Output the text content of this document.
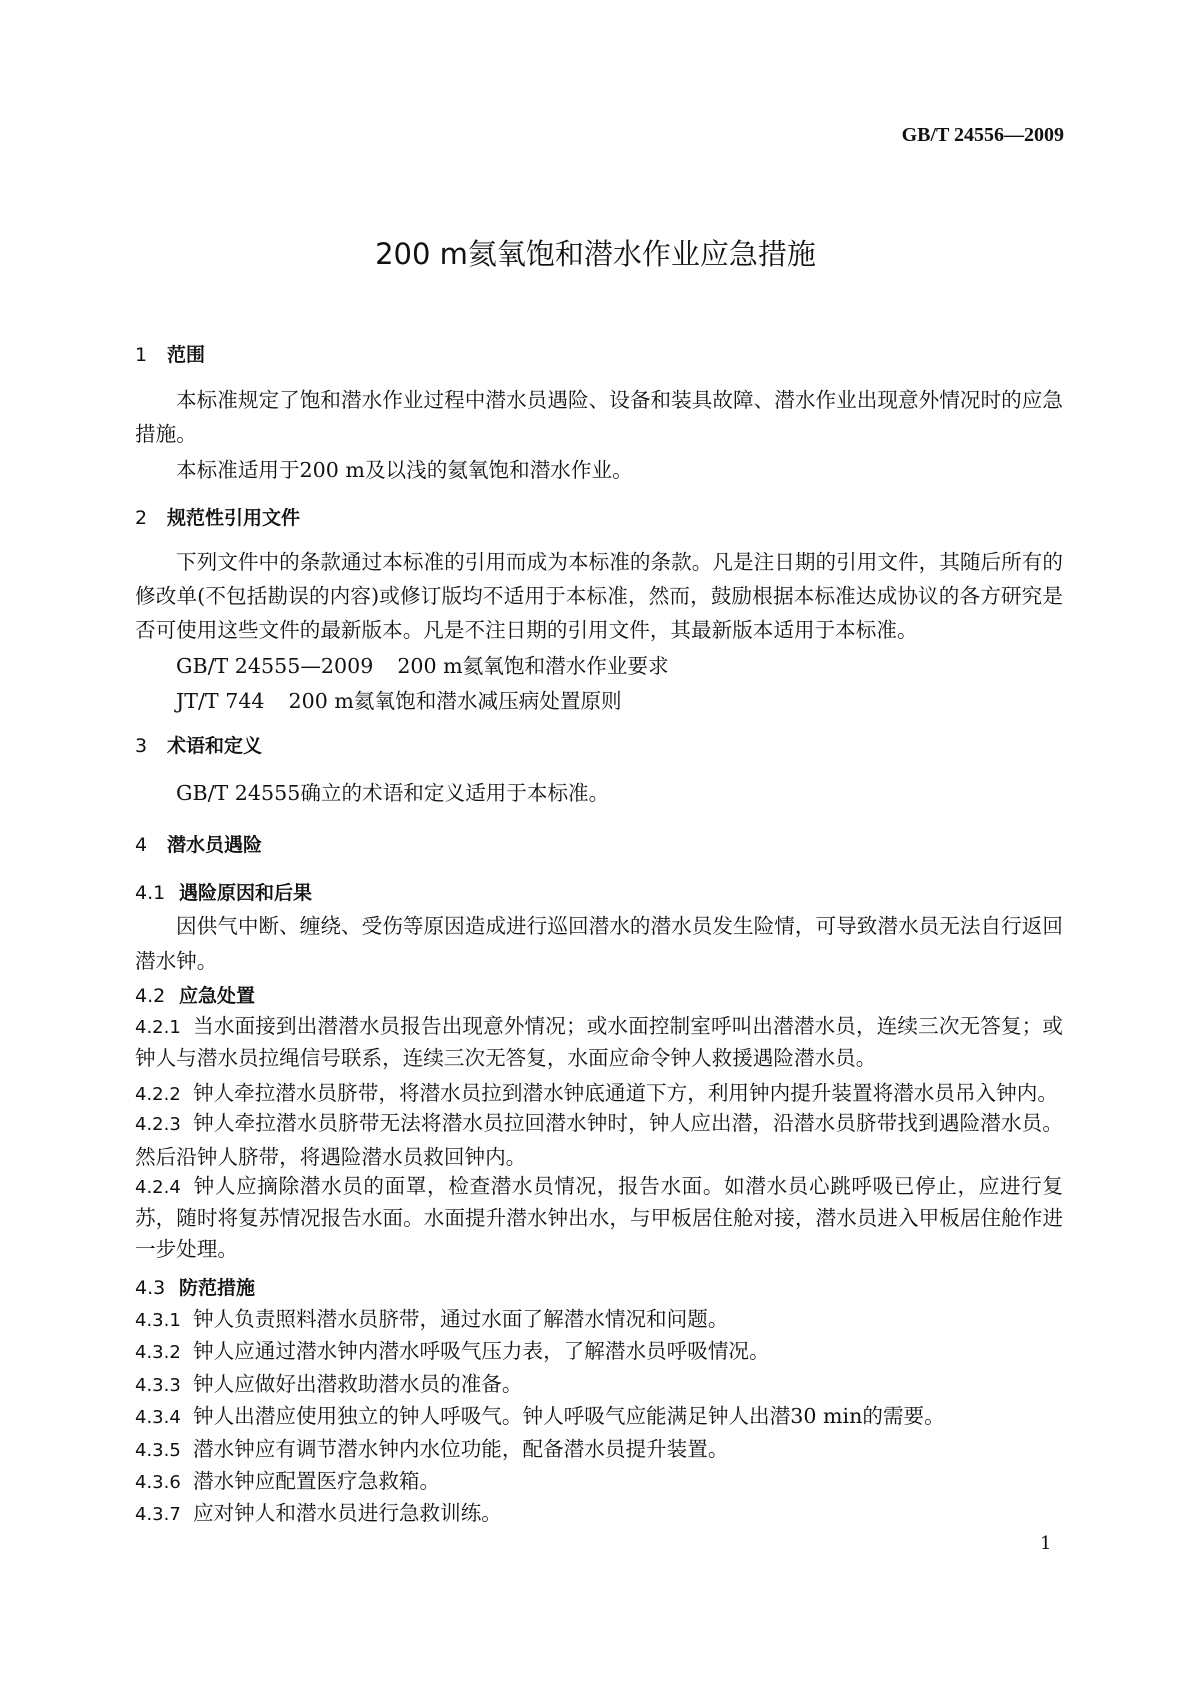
GB/T 24556—2009
200 m氦氧饱和潜水作业应急措施
1 范围
本标准规定了饱和潜水作业过程中潜水员遇险、设备和装具故障、潜水作业出现意外情况时的应急措施。
本标准适用于200 m及以浅的氦氧饱和潜水作业。
2 规范性引用文件
下列文件中的条款通过本标准的引用而成为本标准的条款。凡是注日期的引用文件，其随后所有的修改单(不包括勘误的内容)或修订版均不适用于本标准，然而，鼓励根据本标准达成协议的各方研究是否可使用这些文件的最新版本。凡是不注日期的引用文件，其最新版本适用于本标准。
GB/T 24555—2009 200 m氦氧饱和潜水作业要求
JT/T 744 200 m氦氧饱和潜水减压病处置原则
3 术语和定义
GB/T 24555确立的术语和定义适用于本标准。
4 潜水员遇险
4.1 遇险原因和后果
因供气中断、缠绕、受伤等原因造成进行巡回潜水的潜水员发生险情，可导致潜水员无法自行返回潜水钟。
4.2 应急处置
4.2.1 当水面接到出潜潜水员报告出现意外情况；或水面控制室呼叫出潜潜水员，连续三次无答复；或钟人与潜水员拉绳信号联系，连续三次无答复，水面应命令钟人救援遇险潜水员。
4.2.2 钟人牵拉潜水员脐带，将潜水员拉到潜水钟底通道下方，利用钟内提升装置将潜水员吊入钟内。
4.2.3 钟人牵拉潜水员脐带无法将潜水员拉回潜水钟时，钟人应出潜，沿潜水员脐带找到遇险潜水员。然后沿钟人脐带，将遇险潜水员救回钟内。
4.2.4 钟人应摘除潜水员的面罩，检查潜水员情况，报告水面。如潜水员心跳呼吸已停止，应进行复苏，随时将复苏情况报告水面。水面提升潜水钟出水，与甲板居住舱对接，潜水员进入甲板居住舱作进一步处理。
4.3 防范措施
4.3.1 钟人负责照料潜水员脐带，通过水面了解潜水情况和问题。
4.3.2 钟人应通过潜水钟内潜水呼吸气压力表，了解潜水员呼吸情况。
4.3.3 钟人应做好出潜救助潜水员的准备。
4.3.4 钟人出潜应使用独立的钟人呼吸气。钟人呼吸气应能满足钟人出潜30 min的需要。
4.3.5 潜水钟应有调节潜水钟内水位功能，配备潜水员提升装置。
4.3.6 潜水钟应配置医疗急救箱。
4.3.7 应对钟人和潜水员进行急救训练。
1
